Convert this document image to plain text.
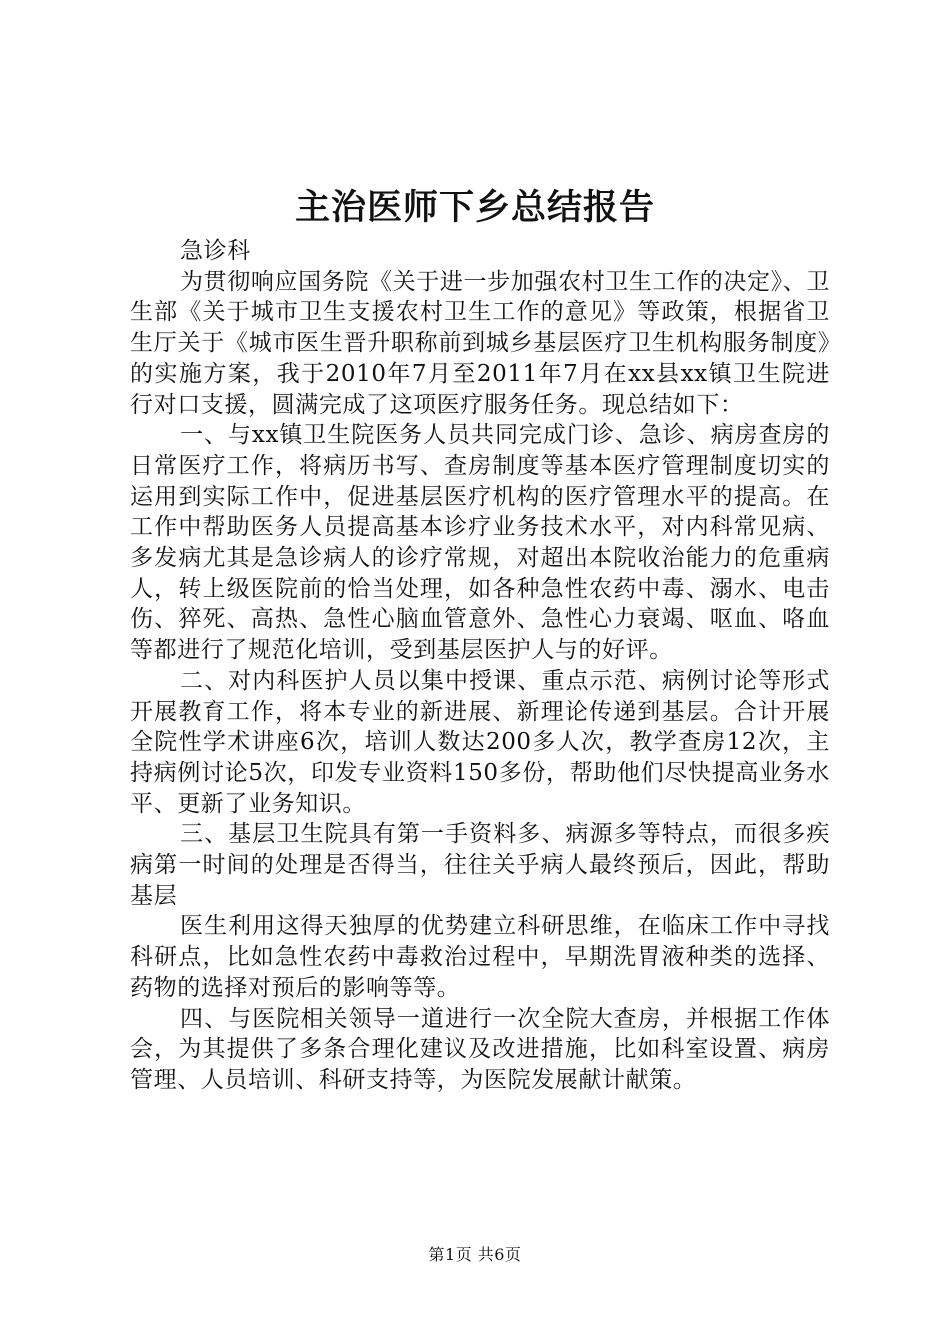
主治医师下乡总结报告

急诊科

为贯彻响应国务院《关于进一步加强农村卫生工作的决定》、卫生部《关于城市卫生支援农村卫生工作的意见》等政策，根据省卫生厅关于《城市医生晋升职称前到城乡基层医疗卫生机构服务制度》的实施方案，我于2010年7月至2011年7月在xx县xx镇卫生院进行对口支援，圆满完成了这项医疗服务任务。现总结如下：

一、与xx镇卫生院医务人员共同完成门诊、急诊、病房查房的日常医疗工作，将病历书写、查房制度等基本医疗管理制度切实的运用到实际工作中，促进基层医疗机构的医疗管理水平的提高。在工作中帮助医务人员提高基本诊疗业务技术水平，对内科常见病、多发病尤其是急诊病人的诊疗常规，对超出本院收治能力的危重病人，转上级医院前的恰当处理，如各种急性农药中毒、溺水、电击伤、猝死、高热、急性心脑血管意外、急性心力衰竭、呕血、咯血等都进行了规范化培训，受到基层医护人与的好评。

二、对内科医护人员以集中授课、重点示范、病例讨论等形式开展教育工作，将本专业的新进展、新理论传递到基层。合计开展全院性学术讲座6次，培训人数达200多人次，教学查房12次，主持病例讨论5次，印发专业资料150多份，帮助他们尽快提高业务水平、更新了业务知识。

三、基层卫生院具有第一手资料多、病源多等特点，而很多疾病第一时间的处理是否得当，往往关乎病人最终预后，因此，帮助基层

医生利用这得天独厚的优势建立科研思维，在临床工作中寻找科研点，比如急性农药中毒救治过程中，早期洗胃液种类的选择、药物的选择对预后的影响等等。

四、与医院相关领导一道进行一次全院大查房，并根据工作体会，为其提供了多条合理化建议及改进措施，比如科室设置、病房管理、人员培训、科研支持等，为医院发展献计献策。

第1页 共6页
